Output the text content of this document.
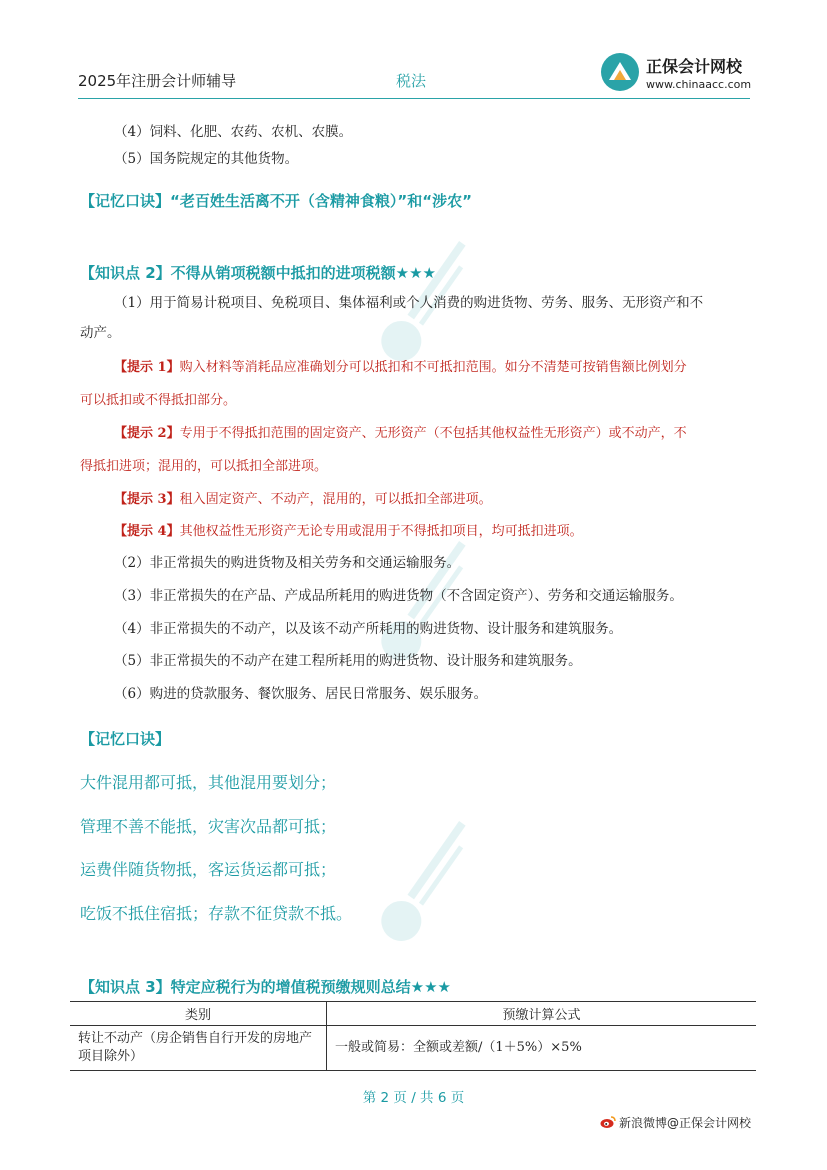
2025年注册会计师辅导	税法
正保会计网校
www.chinaacc.com
（4）饲料、化肥、农药、农机、农膜。
（5）国务院规定的其他货物。
【记忆口诀】“老百姓生活离不开（含精神食粮）”和“涉农”
【知识点 2】不得从销项税额中抵扣的进项税额★★★
（1）用于简易计税项目、免税项目、集体福利或个人消费的购进货物、劳务、服务、无形资产和不
动产。
【提示 1】购入材料等消耗品应准确划分可以抵扣和不可抵扣范围。如分不清楚可按销售额比例划分
可以抵扣或不得抵扣部分。
【提示 2】专用于不得抵扣范围的固定资产、无形资产（不包括其他权益性无形资产）或不动产，不
得抵扣进项；混用的，可以抵扣全部进项。
【提示 3】租入固定资产、不动产，混用的，可以抵扣全部进项。
【提示 4】其他权益性无形资产无论专用或混用于不得抵扣项目，均可抵扣进项。
（2）非正常损失的购进货物及相关劳务和交通运输服务。
（3）非正常损失的在产品、产成品所耗用的购进货物（不含固定资产）、劳务和交通运输服务。
（4）非正常损失的不动产，以及该不动产所耗用的购进货物、设计服务和建筑服务。
（5）非正常损失的不动产在建工程所耗用的购进货物、设计服务和建筑服务。
（6）购进的贷款服务、餐饮服务、居民日常服务、娱乐服务。
【记忆口诀】
大件混用都可抵，其他混用要划分；
管理不善不能抵，灾害次品都可抵；
运费伴随货物抵，客运货运都可抵；
吃饭不抵住宿抵；存款不征贷款不抵。
【知识点 3】特定应税行为的增值税预缴规则总结★★★
类别	预缴计算公式
转让不动产（房企销售自行开发的房地产项目除外）	一般或简易：全额或差额/（1＋5%）×5%
第 2 页 / 共 6 页
新浪微博@正保会计网校
